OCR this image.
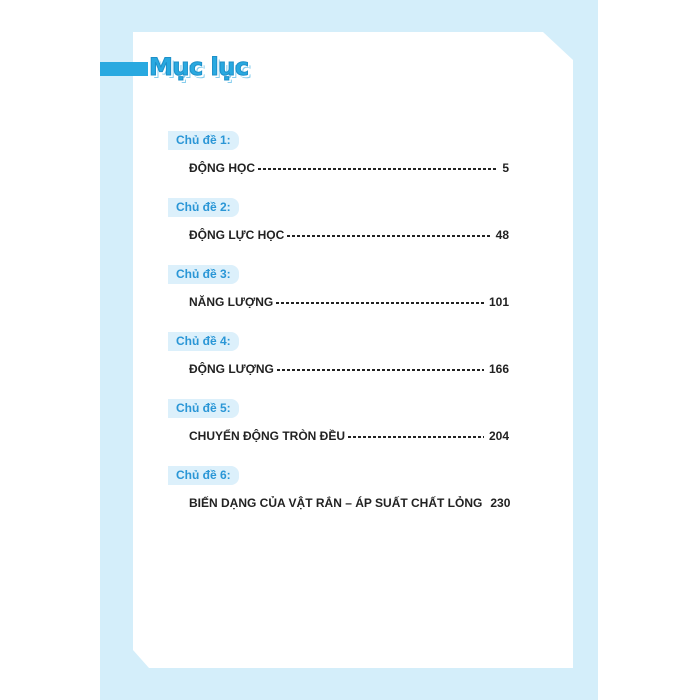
Mục lục
Chủ đề 1:
ĐỘNG HỌC	5
Chủ đề 2:
ĐỘNG LỰC HỌC	48
Chủ đề 3:
NĂNG LƯỢNG	101
Chủ đề 4:
ĐỘNG LƯỢNG	166
Chủ đề 5:
CHUYỂN ĐỘNG TRÒN ĐỀU	204
Chủ đề 6:
BIẾN DẠNG CỦA VẬT RẮN – ÁP SUẤT CHẤT LỎNG 230
